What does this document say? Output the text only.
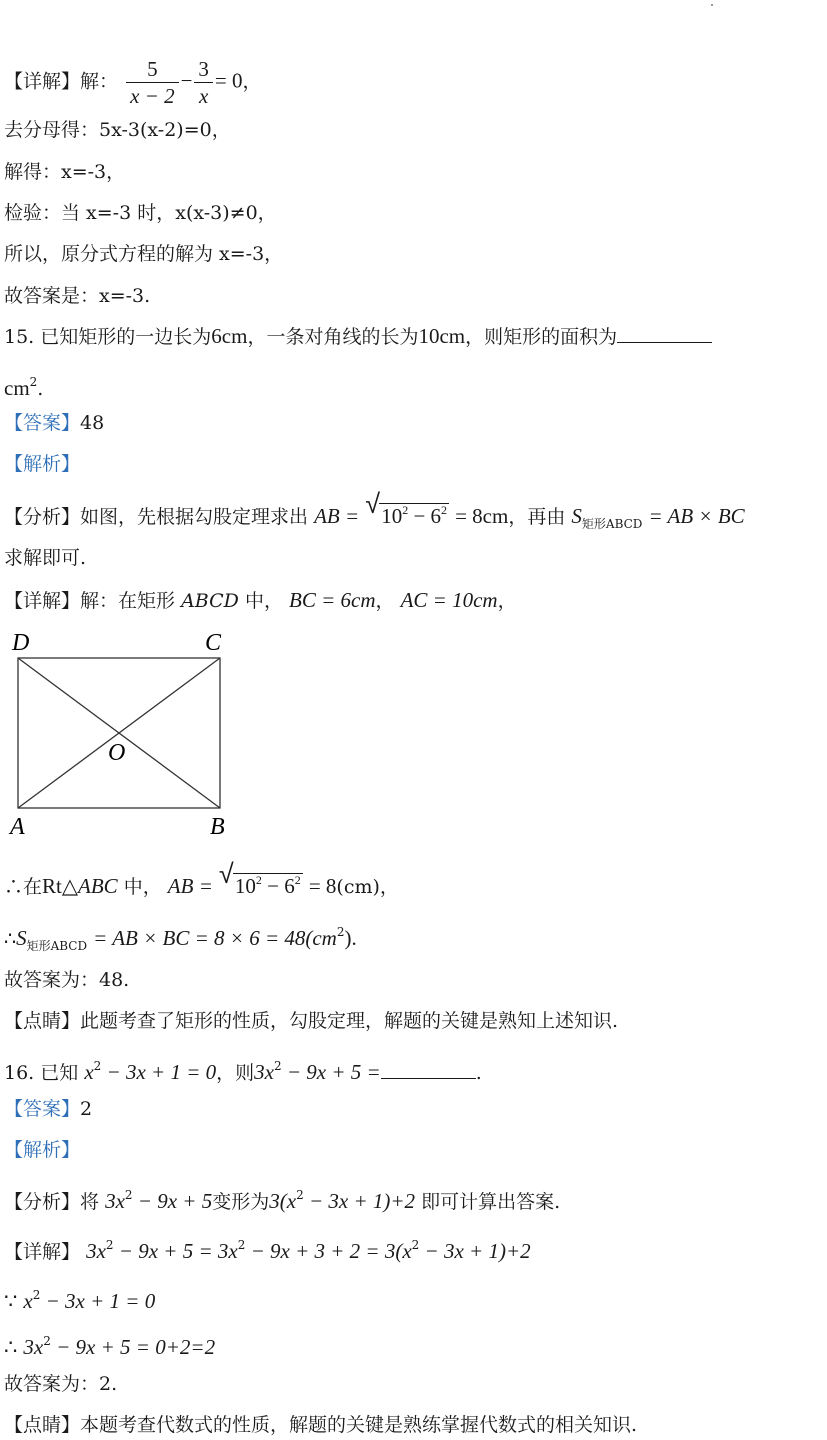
【详解】解： $\frac{5}{x - 2} - \frac{3}{x} = 0$，
去分母得：5x-3(x-2)=0，
解得：x=-3，
检验：当 x=-3 时，x(x-3)≠0，
所以，原分式方程的解为 x=-3，
故答案是：x=-3.
15. 已知矩形的一边长为6cm，一条对角线的长为10cm，则矩形的面积为
$cm^2$.
【答案】48
【解析】
【分析】如图，先根据勾股定理求出 AB = √ $10^2 - 6^2 = 8cm$，再由 $S_{矩形ABCD}$ = AB × BC
求解即可.
【详解】解：在矩形 ABCD 中， BC = 6cm， AC = 10cm，
D	C
O
A	B
∴在Rt△ABC 中， AB = √ $10^2 - 6^2 = 8(cm)$，
$\therefore S_{矩形ABCD}$ = AB × BC = $8 \times 6 = 48(cm^2)$.
故答案为：48.
【点睛】此题考查了矩形的性质，勾股定理，解题的关键是熟知上述知识.
16. 已知 $x^2 - 3x + 1 = 0$，则$3x^2 - 9x + 5$ =	.
【答案】2
【解析】
【分析】将 $3x^2 - 9x + 5$变形为$3(x^2 - 3x + 1)+2$ 即可计算出答案.
【详解】 $3x^2 - 9x + 5 = 3x^2 - 9x + 3 + 2 = 3(x^2 - 3x + 1)+2$
∵ $x^2 - 3x + 1 = 0$
∴ $3x^2 - 9x + 5 = 0+2=2$
故答案为：2.
【点睛】本题考查代数式的性质，解题的关键是熟练掌握代数式的相关知识.
